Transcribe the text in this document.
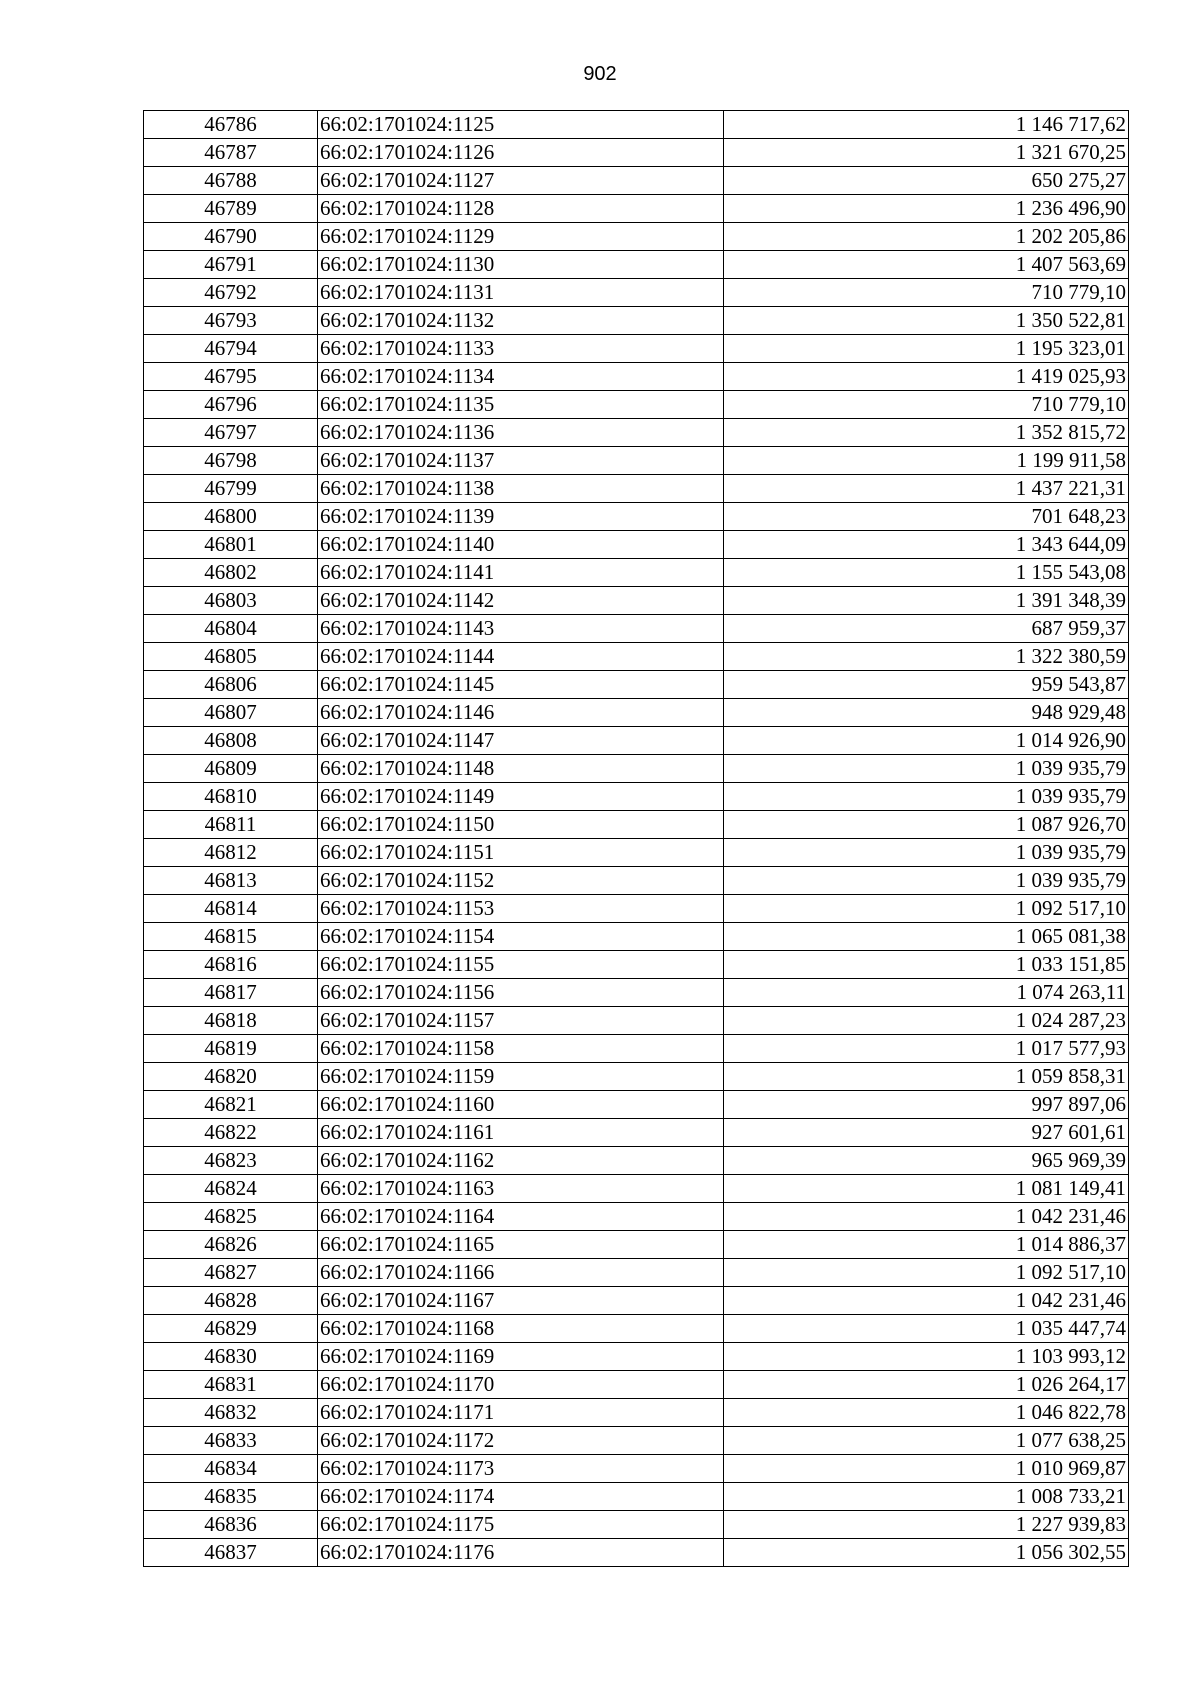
902
46786	66:02:1701024:1125	1 146 717,62
46787	66:02:1701024:1126	1 321 670,25
46788	66:02:1701024:1127	650 275,27
46789	66:02:1701024:1128	1 236 496,90
46790	66:02:1701024:1129	1 202 205,86
46791	66:02:1701024:1130	1 407 563,69
46792	66:02:1701024:1131	710 779,10
46793	66:02:1701024:1132	1 350 522,81
46794	66:02:1701024:1133	1 195 323,01
46795	66:02:1701024:1134	1 419 025,93
46796	66:02:1701024:1135	710 779,10
46797	66:02:1701024:1136	1 352 815,72
46798	66:02:1701024:1137	1 199 911,58
46799	66:02:1701024:1138	1 437 221,31
46800	66:02:1701024:1139	701 648,23
46801	66:02:1701024:1140	1 343 644,09
46802	66:02:1701024:1141	1 155 543,08
46803	66:02:1701024:1142	1 391 348,39
46804	66:02:1701024:1143	687 959,37
46805	66:02:1701024:1144	1 322 380,59
46806	66:02:1701024:1145	959 543,87
46807	66:02:1701024:1146	948 929,48
46808	66:02:1701024:1147	1 014 926,90
46809	66:02:1701024:1148	1 039 935,79
46810	66:02:1701024:1149	1 039 935,79
46811	66:02:1701024:1150	1 087 926,70
46812	66:02:1701024:1151	1 039 935,79
46813	66:02:1701024:1152	1 039 935,79
46814	66:02:1701024:1153	1 092 517,10
46815	66:02:1701024:1154	1 065 081,38
46816	66:02:1701024:1155	1 033 151,85
46817	66:02:1701024:1156	1 074 263,11
46818	66:02:1701024:1157	1 024 287,23
46819	66:02:1701024:1158	1 017 577,93
46820	66:02:1701024:1159	1 059 858,31
46821	66:02:1701024:1160	997 897,06
46822	66:02:1701024:1161	927 601,61
46823	66:02:1701024:1162	965 969,39
46824	66:02:1701024:1163	1 081 149,41
46825	66:02:1701024:1164	1 042 231,46
46826	66:02:1701024:1165	1 014 886,37
46827	66:02:1701024:1166	1 092 517,10
46828	66:02:1701024:1167	1 042 231,46
46829	66:02:1701024:1168	1 035 447,74
46830	66:02:1701024:1169	1 103 993,12
46831	66:02:1701024:1170	1 026 264,17
46832	66:02:1701024:1171	1 046 822,78
46833	66:02:1701024:1172	1 077 638,25
46834	66:02:1701024:1173	1 010 969,87
46835	66:02:1701024:1174	1 008 733,21
46836	66:02:1701024:1175	1 227 939,83
46837	66:02:1701024:1176	1 056 302,55
